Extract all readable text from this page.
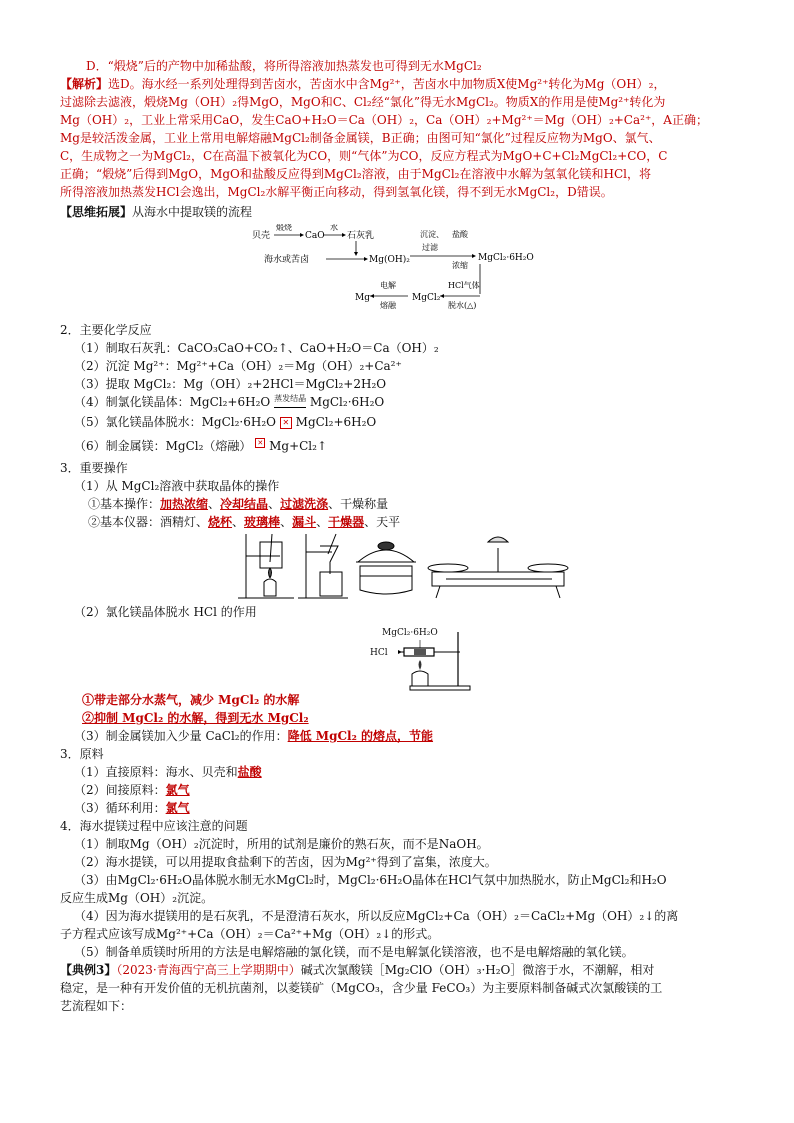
D．“煅烧”后的产物中加稀盐酸，将所得溶液加热蒸发也可得到无水MgCl₂
【解析】选D。海水经一系列处理得到苦卤水，苦卤水中含Mg²⁺，苦卤水中加物质X使Mg²⁺转化为Mg（OH）₂，
过滤除去滤液，煅烧Mg（OH）₂得MgO，MgO和C、Cl₂经“氯化”得无水MgCl₂。物质X的作用是使Mg²⁺转化为
Mg（OH）₂，工业上常采用CaO，发生CaO+H₂O＝Ca（OH）₂，Ca（OH）₂+Mg²⁺＝Mg（OH）₂+Ca²⁺，A正确；
Mg是较活泼金属，工业上常用电解熔融MgCl₂制备金属镁，B正确；由图可知“氯化”过程反应物为MgO、氯气、
C，生成物之一为MgCl₂，C在高温下被氧化为CO，则“气体”为CO，反应方程式为MgO+C+Cl₂MgCl₂+CO，C
正确；“煅烧”后得到MgO，MgO和盐酸反应得到MgCl₂溶液，由于MgCl₂在溶液中水解为氢氧化镁和HCl，将
所得溶液加热蒸发HCl会逸出，MgCl₂水解平衡正向移动，得到氢氧化镁，得不到无水MgCl₂，D错误。
【思维拓展】从海水中提取镁的流程
贝壳
煅烧
CaO
水
石灰乳
海水或苦卤	Mg(OH)₂
沉淀、
过滤
盐酸
浓缩
MgCl₂·6H₂O
Mg
电解
熔融
MgCl₂
HCl气体
脱水(△)
2．主要化学反应
（1）制取石灰乳：CaCO₃CaO+CO₂↑、CaO+H₂O＝Ca（OH）₂
（2）沉淀 Mg²⁺：Mg²⁺+Ca（OH）₂＝Mg（OH）₂+Ca²⁺
（3）提取 MgCl₂：Mg（OH）₂+2HCl＝MgCl₂+2H₂O
（4）制氯化镁晶体：MgCl₂+6H₂O 蒸发结晶 MgCl₂·6H₂O
（5）氯化镁晶体脱水：MgCl₂·6H₂O ✕ MgCl₂+6H₂O
（6）制金属镁：MgCl₂（熔融） ✕ Mg+Cl₂↑
3．重要操作
（1）从 MgCl₂溶液中获取晶体的操作
①基本操作：加热浓缩、冷却结晶、过滤洗涤、干燥称量
②基本仪器：酒精灯、烧杯、玻璃棒、漏斗、干燥器、天平
（2）氯化镁晶体脱水 HCl 的作用
MgCl₂·6H₂O
HCl
①带走部分水蒸气，减少 MgCl₂ 的水解
②抑制 MgCl₂ 的水解，得到无水 MgCl₂
（3）制金属镁加入少量 CaCl₂的作用：降低 MgCl₂ 的熔点，节能
3．原料
（1）直接原料：海水、贝壳和盐酸
（2）间接原料：氯气
（3）循环利用：氯气
4．海水提镁过程中应该注意的问题
（1）制取Mg（OH）₂沉淀时，所用的试剂是廉价的熟石灰，而不是NaOH。
（2）海水提镁，可以用提取食盐剩下的苦卤，因为Mg²⁺得到了富集，浓度大。
（3）由MgCl₂·6H₂O晶体脱水制无水MgCl₂时，MgCl₂·6H₂O晶体在HCl气氛中加热脱水，防止MgCl₂和H₂O
反应生成Mg（OH）₂沉淀。
（4）因为海水提镁用的是石灰乳，不是澄清石灰水，所以反应MgCl₂+Ca（OH）₂＝CaCl₂+Mg（OH）₂↓的离
子方程式应该写成Mg²⁺+Ca（OH）₂＝Ca²⁺+Mg（OH）₂↓的形式。
（5）制备单质镁时所用的方法是电解熔融的氯化镁，而不是电解氯化镁溶液，也不是电解熔融的氧化镁。
【典例3】（2023·青海西宁高三上学期期中）碱式次氯酸镁［Mg₂ClO（OH）₃·H₂O］微溶于水，不潮解，相对
稳定，是一种有开发价值的无机抗菌剂，以菱镁矿（MgCO₃，含少量 FeCO₃）为主要原料制备碱式次氯酸镁的工
艺流程如下：
